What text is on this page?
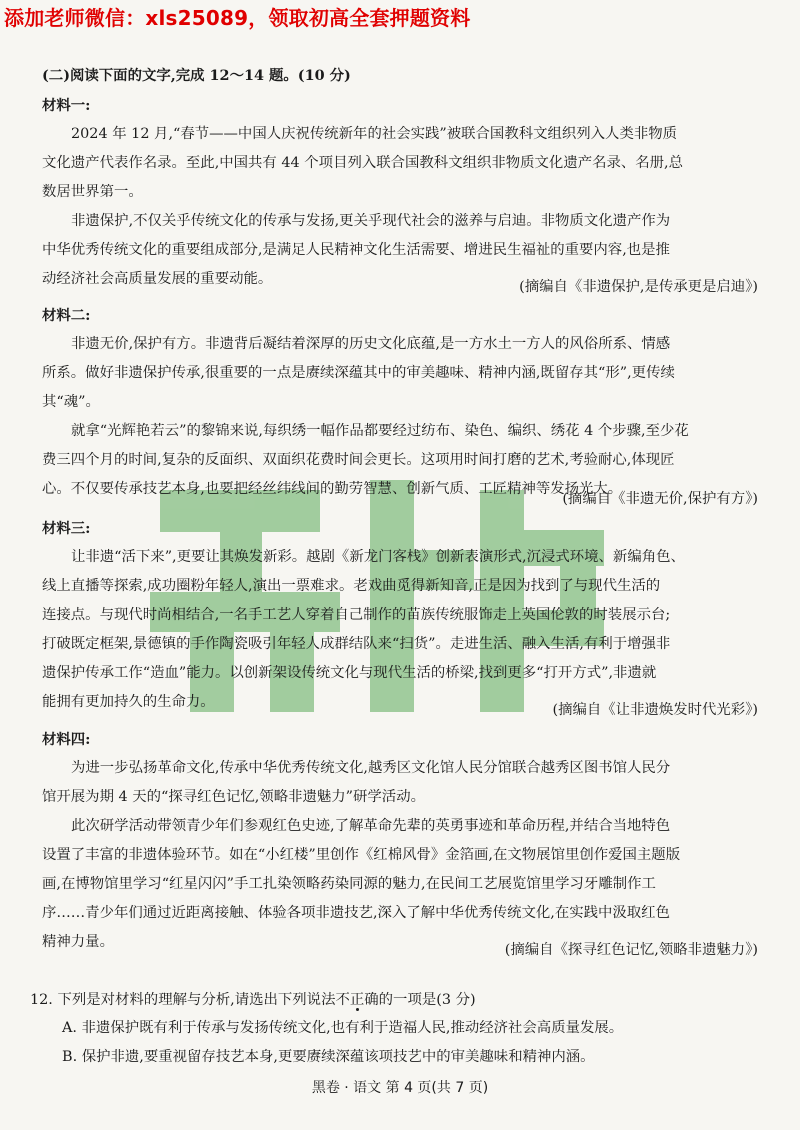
添加老师微信：xls25089，领取初高全套押题资料
(二)阅读下面的文字,完成 12～14 题。(10 分)
材料一:
2024 年 12 月,“春节——中国人庆祝传统新年的社会实践”被联合国教科文组织列入人类非物质
文化遗产代表作名录。至此,中国共有 44 个项目列入联合国教科文组织非物质文化遗产名录、名册,总
数居世界第一。
非遗保护,不仅关乎传统文化的传承与发扬,更关乎现代社会的滋养与启迪。非物质文化遗产作为
中华优秀传统文化的重要组成部分,是满足人民精神文化生活需要、增进民生福祉的重要内容,也是推
动经济社会高质量发展的重要动能。	(摘编自《非遗保护,是传承更是启迪》)
材料二:
非遗无价,保护有方。非遗背后凝结着深厚的历史文化底蕴,是一方水土一方人的风俗所系、情感
所系。做好非遗保护传承,很重要的一点是赓续深蕴其中的审美趣味、精神内涵,既留存其“形”,更传续
其“魂”。
就拿“光辉艳若云”的黎锦来说,每织绣一幅作品都要经过纺布、染色、编织、绣花 4 个步骤,至少花
费三四个月的时间,复杂的反面织、双面织花费时间会更长。这项用时间打磨的艺术,考验耐心,体现匠
心。不仅要传承技艺本身,也要把经丝纬线间的勤劳智慧、创新气质、工匠精神等发扬光大。
(摘编自《非遗无价,保护有方》)
材料三:
让非遗“活下来”,更要让其焕发新彩。越剧《新龙门客栈》创新表演形式,沉浸式环境、新编角色、
线上直播等探索,成功圈粉年轻人,演出一票难求。老戏曲觅得新知音,正是因为找到了与现代生活的
连接点。与现代时尚相结合,一名手工艺人穿着自己制作的苗族传统服饰走上英国伦敦的时装展示台;
打破既定框架,景德镇的手作陶瓷吸引年轻人成群结队来“扫货”。走进生活、融入生活,有利于增强非
遗保护传承工作“造血”能力。以创新架设传统文化与现代生活的桥梁,找到更多“打开方式”,非遗就
能拥有更加持久的生命力。	(摘编自《让非遗焕发时代光彩》)
材料四:
为进一步弘扬革命文化,传承中华优秀传统文化,越秀区文化馆人民分馆联合越秀区图书馆人民分
馆开展为期 4 天的“探寻红色记忆,领略非遗魅力”研学活动。
此次研学活动带领青少年们参观红色史迹,了解革命先辈的英勇事迹和革命历程,并结合当地特色
设置了丰富的非遗体验环节。如在“小红楼”里创作《红棉风骨》金箔画,在文物展馆里创作爱国主题版
画,在博物馆里学习“红星闪闪”手工扎染领略药染同源的魅力,在民间工艺展览馆里学习牙雕制作工
序……青少年们通过近距离接触、体验各项非遗技艺,深入了解中华优秀传统文化,在实践中汲取红色
精神力量。	(摘编自《探寻红色记忆,领略非遗魅力》)
12. 下列是对材料的理解与分析,请选出下列说法不正确的一项是(3 分)
A. 非遗保护既有利于传承与发扬传统文化,也有利于造福人民,推动经济社会高质量发展。
B. 保护非遗,要重视留存技艺本身,更要赓续深蕴该项技艺中的审美趣味和精神内涵。
黑卷 · 语文 第 4 页(共 7 页)
